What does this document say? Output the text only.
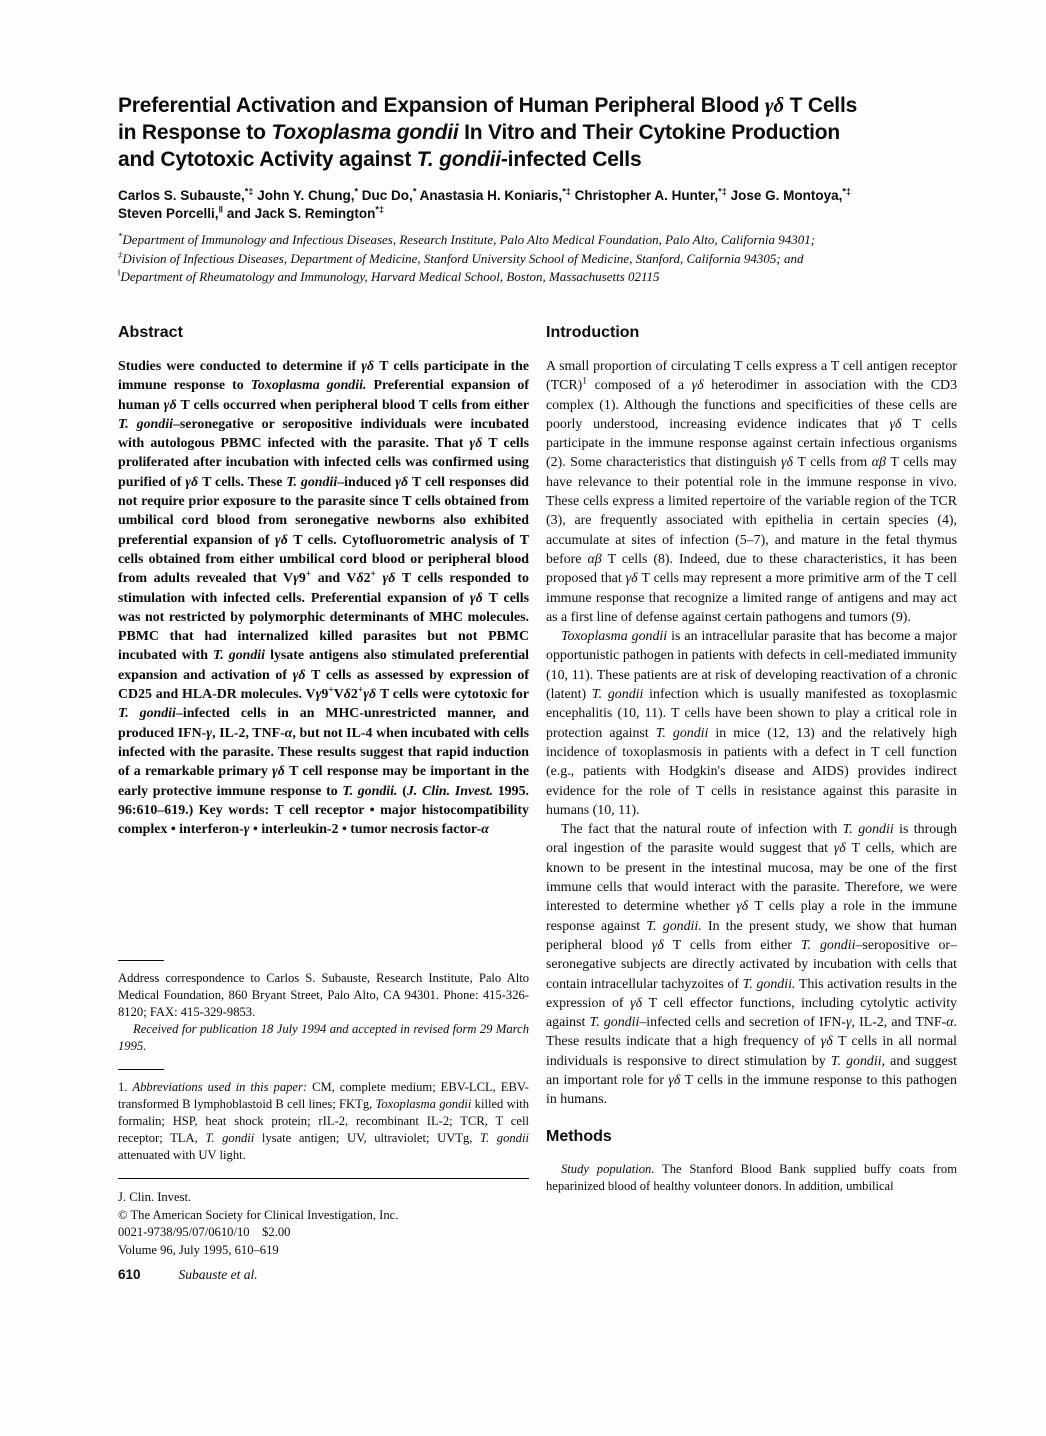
Preferential Activation and Expansion of Human Peripheral Blood γδ T Cells
in Response to Toxoplasma gondii In Vitro and Their Cytokine Production
and Cytotoxic Activity against T. gondii-infected Cells
Carlos S. Subauste,*‡ John Y. Chung,* Duc Do,* Anastasia H. Koniaris,*‡ Christopher A. Hunter,*‡ Jose G. Montoya,*‡
Steven Porcelli,‖ and Jack S. Remington*‡
*Department of Immunology and Infectious Diseases, Research Institute, Palo Alto Medical Foundation, Palo Alto, California 94301;
‡Division of Infectious Diseases, Department of Medicine, Stanford University School of Medicine, Stanford, California 94305; and
‖Department of Rheumatology and Immunology, Harvard Medical School, Boston, Massachusetts 02115
Abstract

Studies were conducted to determine if γδ T cells participate in the immune response to Toxoplasma gondii. Preferential expansion of human γδ T cells occurred when peripheral blood T cells from either T. gondii–seronegative or seropositive individuals were incubated with autologous PBMC infected with the parasite. That γδ T cells proliferated after incubation with infected cells was confirmed using purified of γδ T cells. These T. gondii–induced γδ T cell responses did not require prior exposure to the parasite since T cells obtained from umbilical cord blood from seronegative newborns also exhibited preferential expansion of γδ T cells. Cytofluorometric analysis of T cells obtained from either umbilical cord blood or peripheral blood from adults revealed that Vγ9+ and Vδ2+ γδ T cells responded to stimulation with infected cells. Preferential expansion of γδ T cells was not restricted by polymorphic determinants of MHC molecules. PBMC that had internalized killed parasites but not PBMC incubated with T. gondii lysate antigens also stimulated preferential expansion and activation of γδ T cells as assessed by expression of CD25 and HLA-DR molecules. Vγ9+Vδ2+γδ T cells were cytotoxic for T. gondii–infected cells in an MHC-unrestricted manner, and produced IFN-γ, IL-2, TNF-α, but not IL-4 when incubated with cells infected with the parasite. These results suggest that rapid induction of a remarkable primary γδ T cell response may be important in the early protective immune response to T. gondii. (J. Clin. Invest. 1995. 96:610–619.) Key words: T cell receptor • major histocompatibility complex • interferon-γ • interleukin-2 • tumor necrosis factor-α

Address correspondence to Carlos S. Subauste, Research Institute, Palo Alto Medical Foundation, 860 Bryant Street, Palo Alto, CA 94301. Phone: 415-326-8120; FAX: 415-329-9853.

Received for publication 18 July 1994 and accepted in revised form 29 March 1995.

1. Abbreviations used in this paper: CM, complete medium; EBV-LCL, EBV-transformed B lymphoblastoid B cell lines; FKTg, Toxoplasma gondii killed with formalin; HSP, heat shock protein; rIL-2, recombinant IL-2; TCR, T cell receptor; TLA, T. gondii lysate antigen; UV, ultraviolet; UVTg, T. gondii attenuated with UV light.

J. Clin. Invest.
© The American Society for Clinical Investigation, Inc.
0021-9738/95/07/0610/10 $2.00
Volume 96, July 1995, 610–619
Introduction

A small proportion of circulating T cells express a T cell antigen receptor (TCR)$^1$ composed of a γδ heterodimer in association with the CD3 complex (1). Although the functions and specificities of these cells are poorly understood, increasing evidence indicates that γδ T cells participate in the immune response against certain infectious organisms (2). Some characteristics that distinguish γδ T cells from αβ T cells may have relevance to their potential role in the immune response in vivo. These cells express a limited repertoire of the variable region of the TCR (3), are frequently associated with epithelia in certain species (4), accumulate at sites of infection (5–7), and mature in the fetal thymus before αβ T cells (8). Indeed, due to these characteristics, it has been proposed that γδ T cells may represent a more primitive arm of the T cell immune response that recognize a limited range of antigens and may act as a first line of defense against certain pathogens and tumors (9).

Toxoplasma gondii is an intracellular parasite that has become a major opportunistic pathogen in patients with defects in cell-mediated immunity (10, 11). These patients are at risk of developing reactivation of a chronic (latent) T. gondii infection which is usually manifested as toxoplasmic encephalitis (10, 11). T cells have been shown to play a critical role in protection against T. gondii in mice (12, 13) and the relatively high incidence of toxoplasmosis in patients with a defect in T cell function (e.g., patients with Hodgkin's disease and AIDS) provides indirect evidence for the role of T cells in resistance against this parasite in humans (10, 11).

The fact that the natural route of infection with T. gondii is through oral ingestion of the parasite would suggest that γδ T cells, which are known to be present in the intestinal mucosa, may be one of the first immune cells that would interact with the parasite. Therefore, we were interested to determine whether γδ T cells play a role in the immune response against T. gondii. In the present study, we show that human peripheral blood γδ T cells from either T. gondii–seropositive or–seronegative subjects are directly activated by incubation with cells that contain intracellular tachyzoites of T. gondii. This activation results in the expression of γδ T cell effector functions, including cytolytic activity against T. gondii–infected cells and secretion of IFN-γ, IL-2, and TNF-α. These results indicate that a high frequency of γδ T cells in all normal individuals is responsive to direct stimulation by T. gondii, and suggest an important role for γδ T cells in the immune response to this pathogen in humans.

Methods

Study population. The Stanford Blood Bank supplied buffy coats from heparinized blood of healthy volunteer donors. In addition, umbilical

610	Subauste et al.
